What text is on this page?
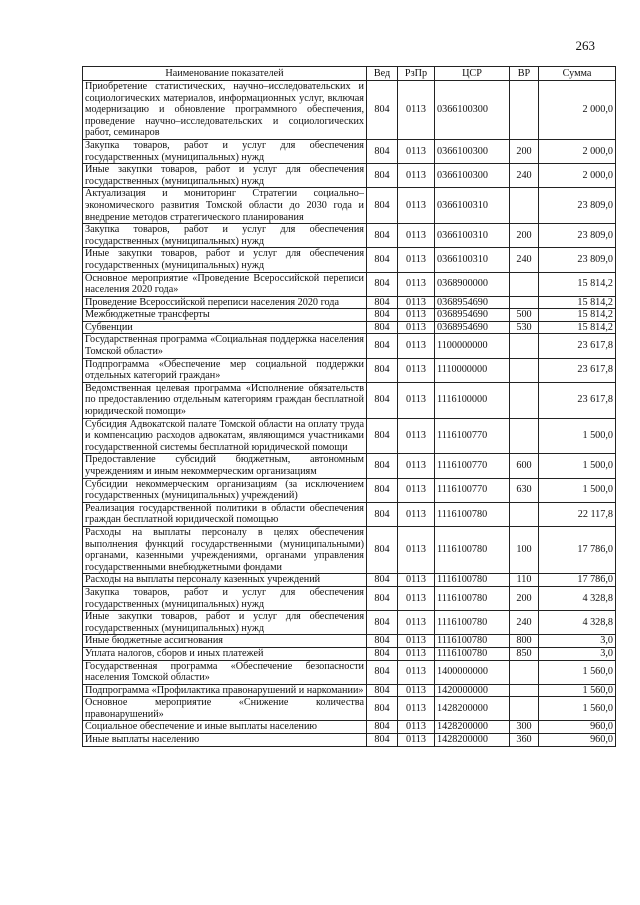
263
Наименование показателей	Вед	РзПр	ЦСР	ВР	Сумма
Приобретение статистических, научно–исследовательских и социологических материалов, информационных услуг, включая модернизацию и обновление программного обеспечения, проведение научно–исследовательских и социологических работ, семинаров	804	0113	0366100300		2 000,0
Закупка товаров, работ и услуг для обеспечения государственных (муниципальных) нужд	804	0113	0366100300	200	2 000,0
Иные закупки товаров, работ и услуг для обеспечения государственных (муниципальных) нужд	804	0113	0366100300	240	2 000,0
Актуализация и мониторинг Стратегии социально–экономического развития Томской области до 2030 года и внедрение методов стратегического планирования	804	0113	0366100310		23 809,0
Закупка товаров, работ и услуг для обеспечения государственных (муниципальных) нужд	804	0113	0366100310	200	23 809,0
Иные закупки товаров, работ и услуг для обеспечения государственных (муниципальных) нужд	804	0113	0366100310	240	23 809,0
Основное мероприятие «Проведение Всероссийской переписи населения 2020 года»	804	0113	0368900000		15 814,2
Проведение Всероссийской переписи населения 2020 года	804	0113	0368954690		15 814,2
Межбюджетные трансферты	804	0113	0368954690	500	15 814,2
Субвенции	804	0113	0368954690	530	15 814,2
Государственная программа «Социальная поддержка населения Томской области»	804	0113	1100000000		23 617,8
Подпрограмма «Обеспечение мер социальной поддержки отдельных категорий граждан»	804	0113	1110000000		23 617,8
Ведомственная целевая программа «Исполнение обязательств по предоставлению отдельным категориям граждан бесплатной юридической помощи»	804	0113	1116100000		23 617,8
Субсидия Адвокатской палате Томской области на оплату труда и компенсацию расходов адвокатам, являющимся участниками государственной системы бесплатной юридической помощи	804	0113	1116100770		1 500,0
Предоставление субсидий бюджетным, автономным учреждениям и иным некоммерческим организациям	804	0113	1116100770	600	1 500,0
Субсидии некоммерческим организациям (за исключением государственных (муниципальных) учреждений)	804	0113	1116100770	630	1 500,0
Реализация государственной политики в области обеспечения граждан бесплатной юридической помощью	804	0113	1116100780		22 117,8
Расходы на выплаты персоналу в целях обеспечения выполнения функций государственными (муниципальными) органами, казенными учреждениями, органами управления государственными внебюджетными фондами	804	0113	1116100780	100	17 786,0
Расходы на выплаты персоналу казенных учреждений	804	0113	1116100780	110	17 786,0
Закупка товаров, работ и услуг для обеспечения государственных (муниципальных) нужд	804	0113	1116100780	200	4 328,8
Иные закупки товаров, работ и услуг для обеспечения государственных (муниципальных) нужд	804	0113	1116100780	240	4 328,8
Иные бюджетные ассигнования	804	0113	1116100780	800	3,0
Уплата налогов, сборов и иных платежей	804	0113	1116100780	850	3,0
Государственная программа «Обеспечение безопасности населения Томской области»	804	0113	1400000000		1 560,0
Подпрограмма «Профилактика правонарушений и наркомании»	804	0113	1420000000		1 560,0
Основное мероприятие «Снижение количества правонарушений»	804	0113	1428200000		1 560,0
Социальное обеспечение и иные выплаты населению	804	0113	1428200000	300	960,0
Иные выплаты населению	804	0113	1428200000	360	960,0
